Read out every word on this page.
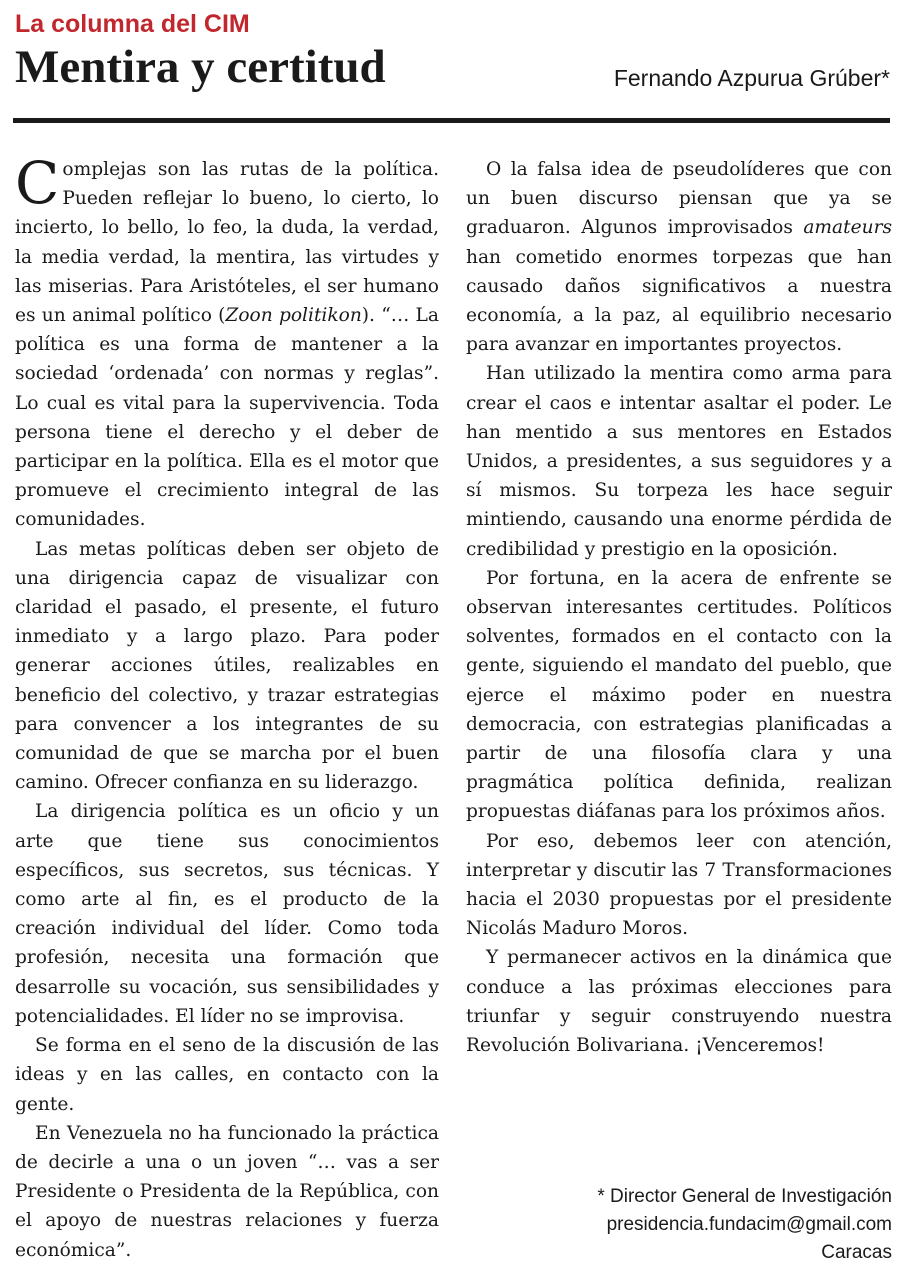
La columna del CIM
Mentira y certitud	Fernando Azpurua Grúber*

Complejas son las rutas de la política. Pueden reflejar lo bueno, lo cierto, lo incierto, lo bello, lo feo, la duda, la verdad, la media verdad, la mentira, las virtudes y las miserias. Para Aristóteles, el ser humano es un animal político (Zoon politikon). “… La política es una forma de mantener a la sociedad ‘ordenada’ con normas y reglas”. Lo cual es vital para la supervivencia. Toda persona tiene el derecho y el deber de participar en la política. Ella es el motor que promueve el crecimiento integral de las comunidades.

Las metas políticas deben ser objeto de una dirigencia capaz de visualizar con claridad el pasado, el presente, el futuro inmediato y a largo plazo. Para poder generar acciones útiles, realizables en beneficio del colectivo, y trazar estrategias para convencer a los integrantes de su comunidad de que se marcha por el buen camino. Ofrecer confianza en su liderazgo.

La dirigencia política es un oficio y un arte que tiene sus conocimientos específicos, sus secretos, sus técnicas. Y como arte al fin, es el producto de la creación individual del líder. Como toda profesión, necesita una formación que desarrolle su vocación, sus sensibilidades y potencialidades. El líder no se improvisa.

Se forma en el seno de la discusión de las ideas y en las calles, en contacto con la gente.

En Venezuela no ha funcionado la práctica de decirle a una o un joven “… vas a ser Presidente o Presidenta de la República, con el apoyo de nuestras relaciones y fuerza económica”.

O la falsa idea de pseudolíderes que con un buen discurso piensan que ya se graduaron. Algunos improvisados amateurs han cometido enormes torpezas que han causado daños significativos a nuestra economía, a la paz, al equilibrio necesario para avanzar en importantes proyectos.

Han utilizado la mentira como arma para crear el caos e intentar asaltar el poder. Le han mentido a sus mentores en Estados Unidos, a presidentes, a sus seguidores y a sí mismos. Su torpeza les hace seguir mintiendo, causando una enorme pérdida de credibilidad y prestigio en la oposición.

Por fortuna, en la acera de enfrente se observan interesantes certitudes. Políticos solventes, formados en el contacto con la gente, siguiendo el mandato del pueblo, que ejerce el máximo poder en nuestra democracia, con estrategias planificadas a partir de una filosofía clara y una pragmática política definida, realizan propuestas diáfanas para los próximos años.

Por eso, debemos leer con atención, interpretar y discutir las 7 Transformaciones hacia el 2030 propuestas por el presidente Nicolás Maduro Moros.

Y permanecer activos en la dinámica que conduce a las próximas elecciones para triunfar y seguir construyendo nuestra Revolución Bolivariana. ¡Venceremos!

* Director General de Investigación
presidencia.fundacim@gmail.com
Caracas
